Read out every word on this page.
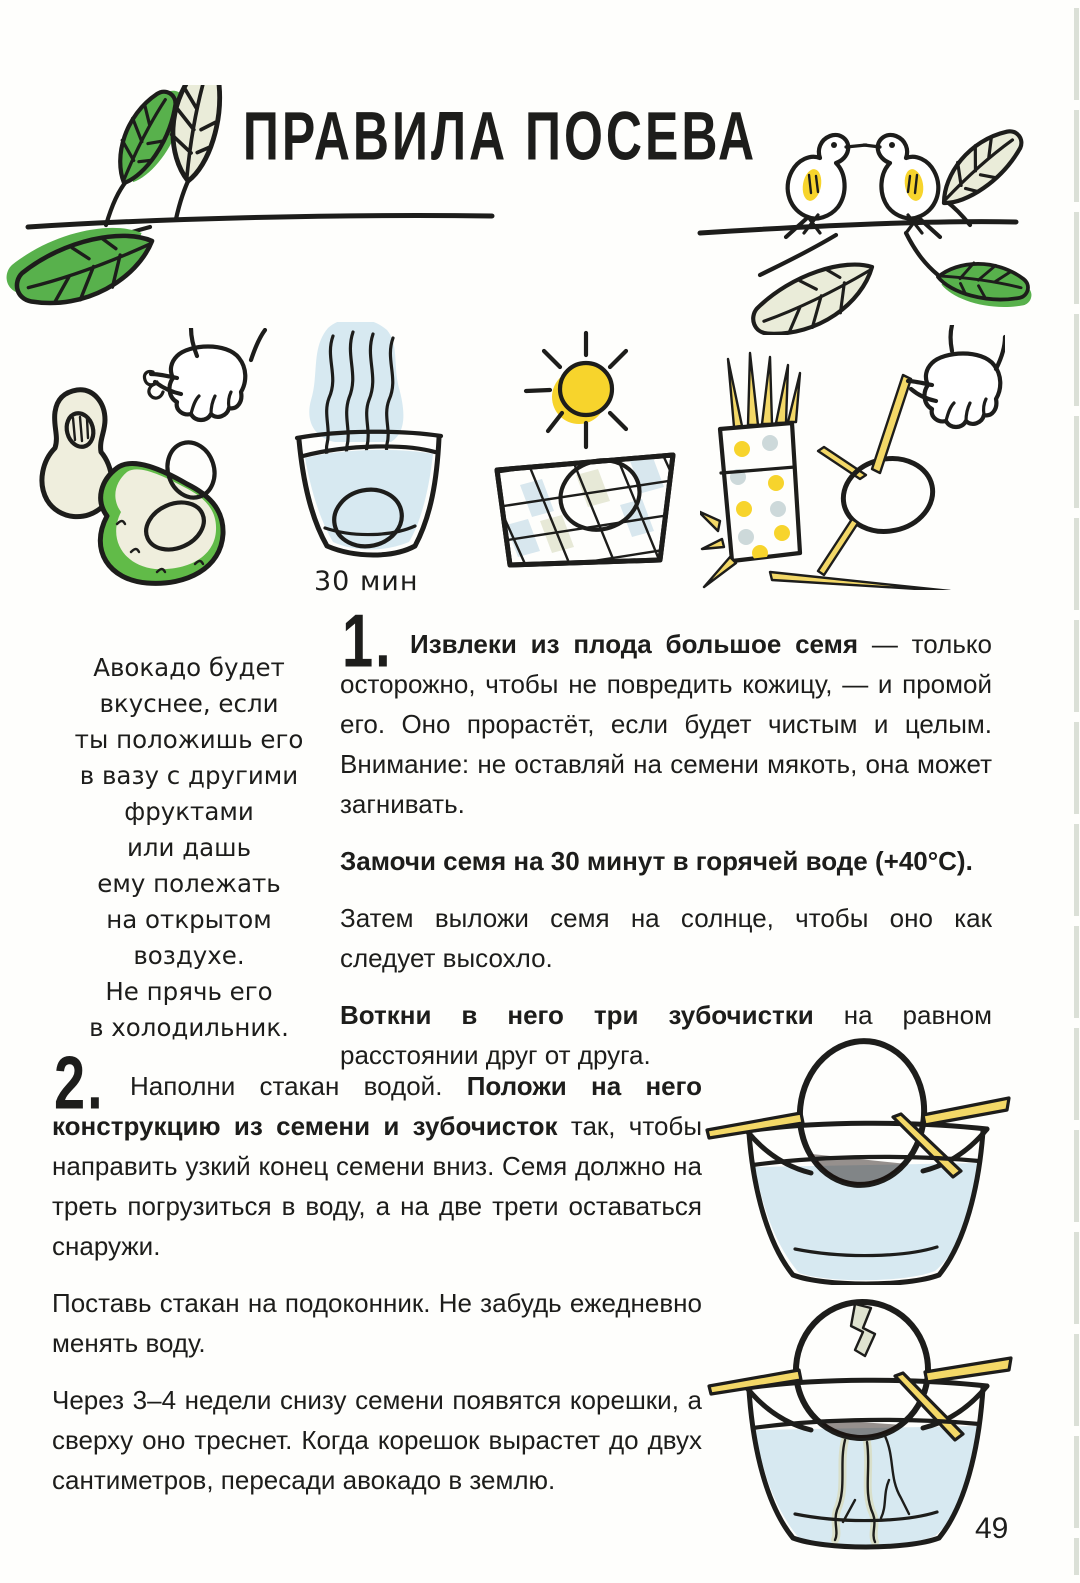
ПРАВИЛА ПОСЕВА
30 мин
Авокадо будет
вкуснее, если
ты положишь его
в вазу с другими
фруктами
или дашь
ему полежать
на открытом
воздухе.
Не прячь его
в холодильник.
1. Извлеки из плода большое семя — только осторожно, чтобы не повредить кожицу, — и промой его. Оно прорастёт, если будет чистым и целым. Внимание: не оставляй на семени мякоть, она может загнивать.

Замочи семя на 30 минут в горячей воде (+40°C).

Затем выложи семя на солнце, чтобы оно как следует высохло.

Воткни в него три зубочистки на равном расстоянии друг от друга.

2. Наполни стакан водой. Положи на него конструкцию из семени и зубочисток так, чтобы направить узкий конец семени вниз. Семя должно на треть погрузиться в воду, а на две трети оставаться снаружи.

Поставь стакан на подоконник. Не забудь ежедневно менять воду.

Через 3–4 недели снизу семени появятся корешки, а сверху оно треснет. Когда корешок вырастет до двух сантиметров, пересади авокадо в землю.

49
